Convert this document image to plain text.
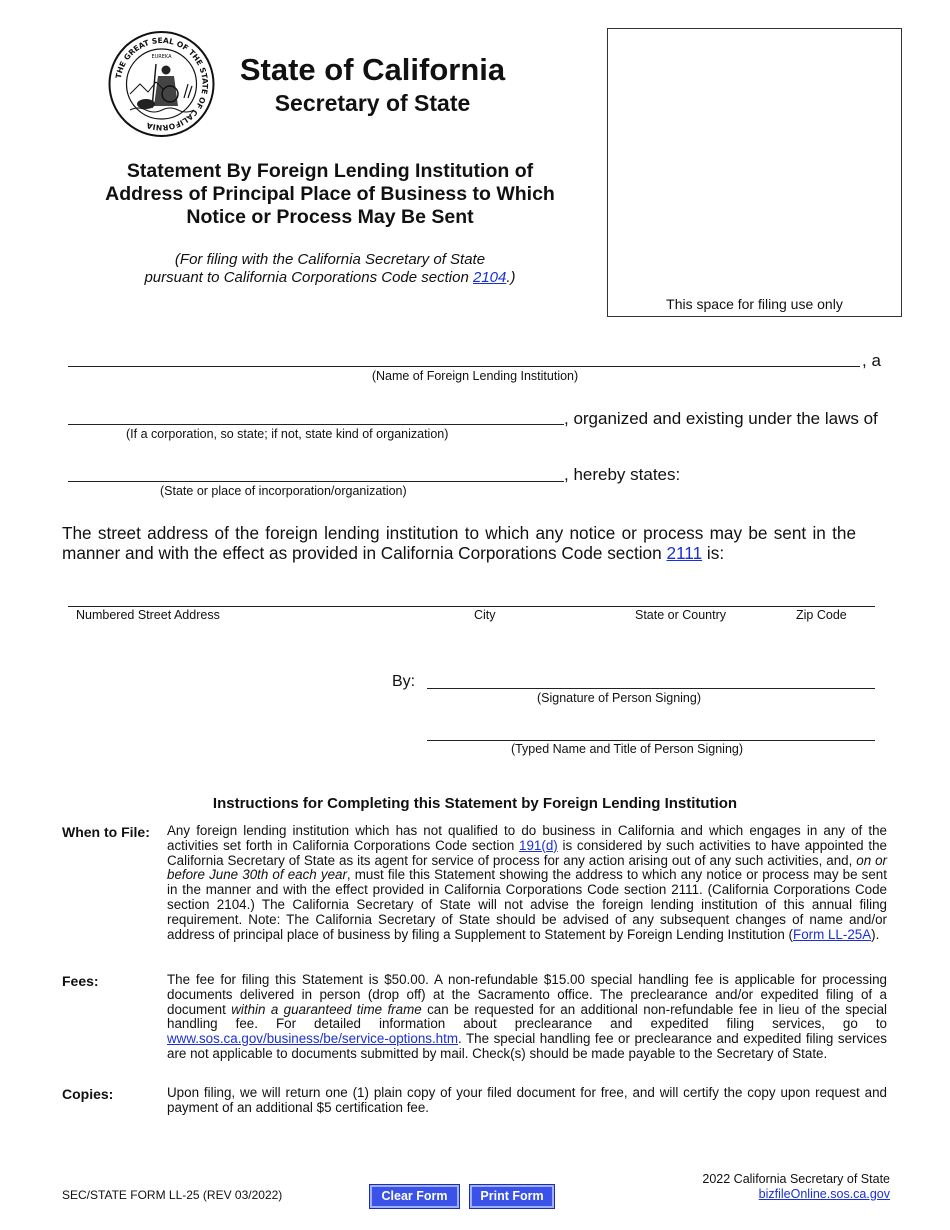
THE GREAT SEAL OF THE STATE OF CALIFORNIA
EUREKA	State of California
Secretary of State
Statement By Foreign Lending Institution of
Address of Principal Place of Business to Which
Notice or Process May Be Sent
(For filing with the California Secretary of State
pursuant to California Corporations Code section 2104.)
This space for filing use only
, a
(Name of Foreign Lending Institution)
, organized and existing under the laws of
(If a corporation, so state; if not, state kind of organization)
, hereby states:
(State or place of incorporation/organization)
The street address of the foreign lending institution to which any notice or process may be sent in the manner and with the effect as provided in California Corporations Code section 2111 is:
Numbered Street Address	City	State or Country	Zip Code
By:
(Signature of Person Signing)
(Typed Name and Title of Person Signing)
Instructions for Completing this Statement by Foreign Lending Institution
When to File: Any foreign lending institution which has not qualified to do business in California and which engages in any of the activities set forth in California Corporations Code section 191(d) is considered by such activities to have appointed the California Secretary of State as its agent for service of process for any action arising out of any such activities, and, on or before June 30th of each year, must file this Statement showing the address to which any notice or process may be sent in the manner and with the effect provided in California Corporations Code section 2111. (California Corporations Code section 2104.) The California Secretary of State will not advise the foreign lending institution of this annual filing requirement. Note: The California Secretary of State should be advised of any subsequent changes of name and/or address of principal place of business by filing a Supplement to Statement by Foreign Lending Institution (Form LL-25A).
Fees:	The fee for filing this Statement is $50.00. A non-refundable $15.00 special handling fee is applicable for processing documents delivered in person (drop off) at the Sacramento office. The preclearance and/or expedited filing of a document within a guaranteed time frame can be requested for an additional non-refundable fee in lieu of the special handling fee. For detailed information about preclearance and expedited filing services, go to www.sos.ca.gov/business/be/service-options.htm. The special handling fee or preclearance and expedited filing services are not applicable to documents submitted by mail. Check(s) should be made payable to the Secretary of State.
Copies:	Upon filing, we will return one (1) plain copy of your filed document for free, and will certify the copy upon request and payment of an additional $5 certification fee.
SEC/STATE FORM LL-25 (REV 03/2022)	Clear Form	Print Form
2022 California Secretary of State
bizfileOnline.sos.ca.gov
